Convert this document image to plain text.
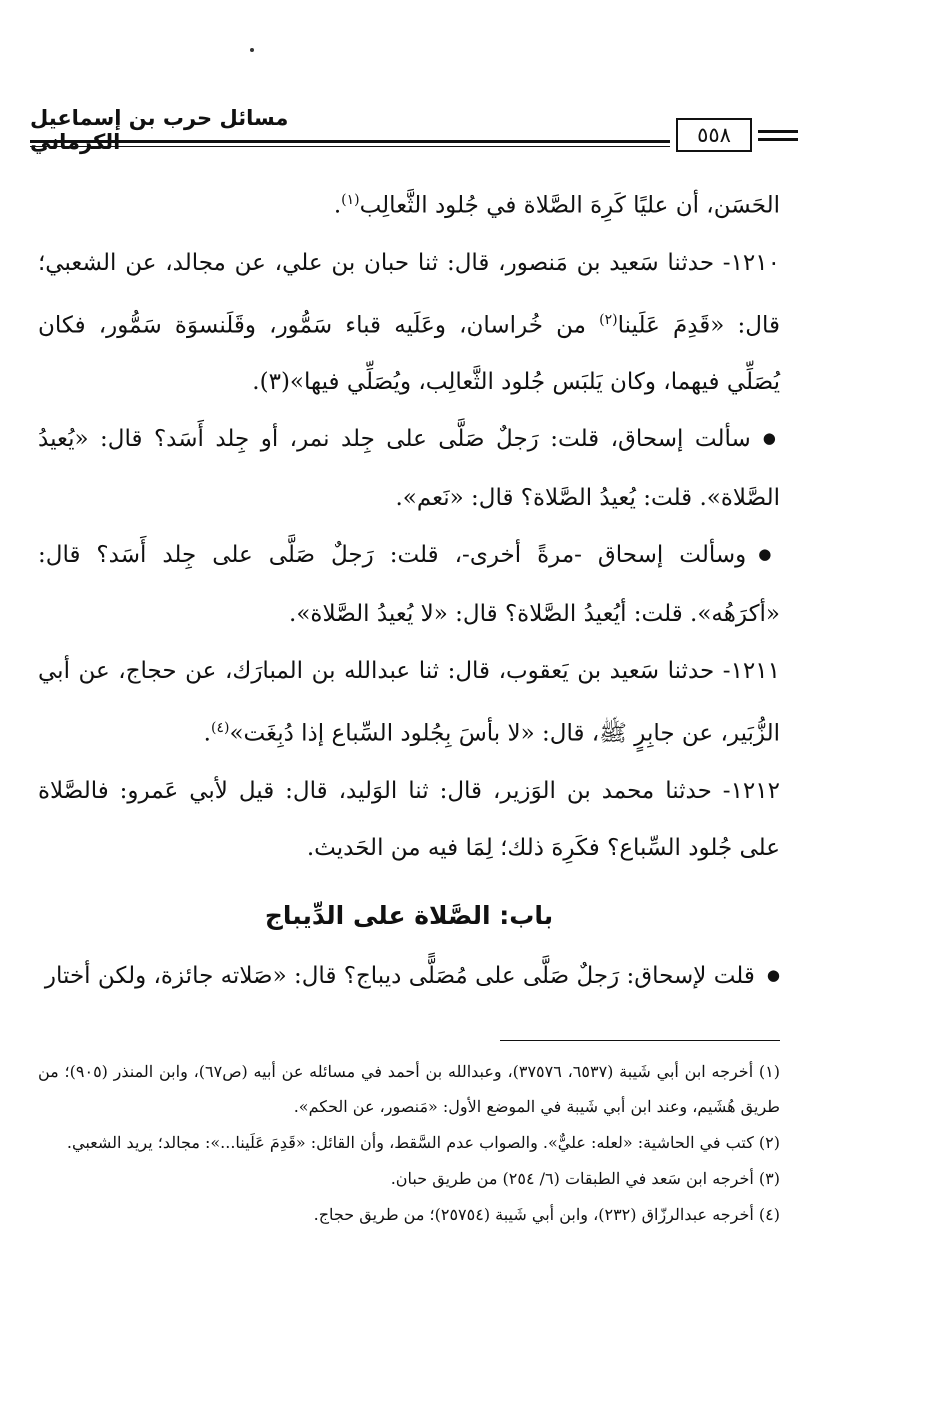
مسائل حرب بن إسماعيل الكرماني	٥٥٨

الحَسَن، أن عليًا كَرِهَ الصَّلاة في جُلود الثَّعالِب$^{(١)}$.

١٢١٠- حدثنا سَعيد بن مَنصور، قال: ثنا حبان بن علي، عن مجالد، عن الشعبي؛ قال: «قَدِمَ عَلَينا$^{(٢)}$ من خُراسان، وعَلَيه قباء سَمُّور، وقَلَنسوَة سَمُّور، فكان يُصَلِّي فيهما، وكان يَلبَس جُلود الثَّعالِب، ويُصَلِّي فيها»(٣).

● سألت إسحاق، قلت: رَجلٌ صَلَّى على جِلد نمر، أو جِلد أَسَد؟ قال: «يُعيدُ الصَّلاة». قلت: يُعيدُ الصَّلاة؟ قال: «نَعم».

● وسألت إسحاق -مرةً أخرى-، قلت: رَجلٌ صَلَّى على جِلد أَسَد؟ قال: «أكرَهُه». قلت: أيُعيدُ الصَّلاة؟ قال: «لا يُعيدُ الصَّلاة».

١٢١١- حدثنا سَعيد بن يَعقوب، قال: ثنا عبدالله بن المبارَك، عن حجاج، عن أبي الزُّبَير، عن جابِرٍ ﷺ، قال: «لا بأسَ بِجُلود السِّباع إذا دُبِغَت»$^{(٤)}$.

١٢١٢- حدثنا محمد بن الوَزير، قال: ثنا الوَليد، قال: قيل لأبي عَمرو: فالصَّلاة على جُلود السِّباع؟ فكَرِهَ ذلك؛ لِمَا فيه من الحَديث.

باب: الصَّلاة على الدِّيباج

● قلت لإسحاق: رَجلٌ صَلَّى على مُصَلًّى ديباج؟ قال: «صَلاته جائزة، ولكن أختار

(١) أخرجه ابن أبي شَيبة (٦٥٣٧، ٣٧٥٧٦)، وعبدالله بن أحمد في مسائله عن أبيه (ص٦٧)، وابن المنذر (٩٠٥)؛ من طريق هُشَيم، وعند ابن أبي شَيبة في الموضع الأول: «مَنصور، عن الحكم».

(٢) كتب في الحاشية: «لعله: عليٌّ». والصواب عدم السَّقط، وأن القائل: «قَدِمَ عَلَينا...»: مجالد؛ يريد الشعبي.

(٣) أخرجه ابن سَعد في الطبقات (٦/ ٢٥٤) من طريق حبان.

(٤) أخرجه عبدالرزّاق (٢٣٢)، وابن أبي شَيبة (٢٥٧٥٤)؛ من طريق حجاج.
